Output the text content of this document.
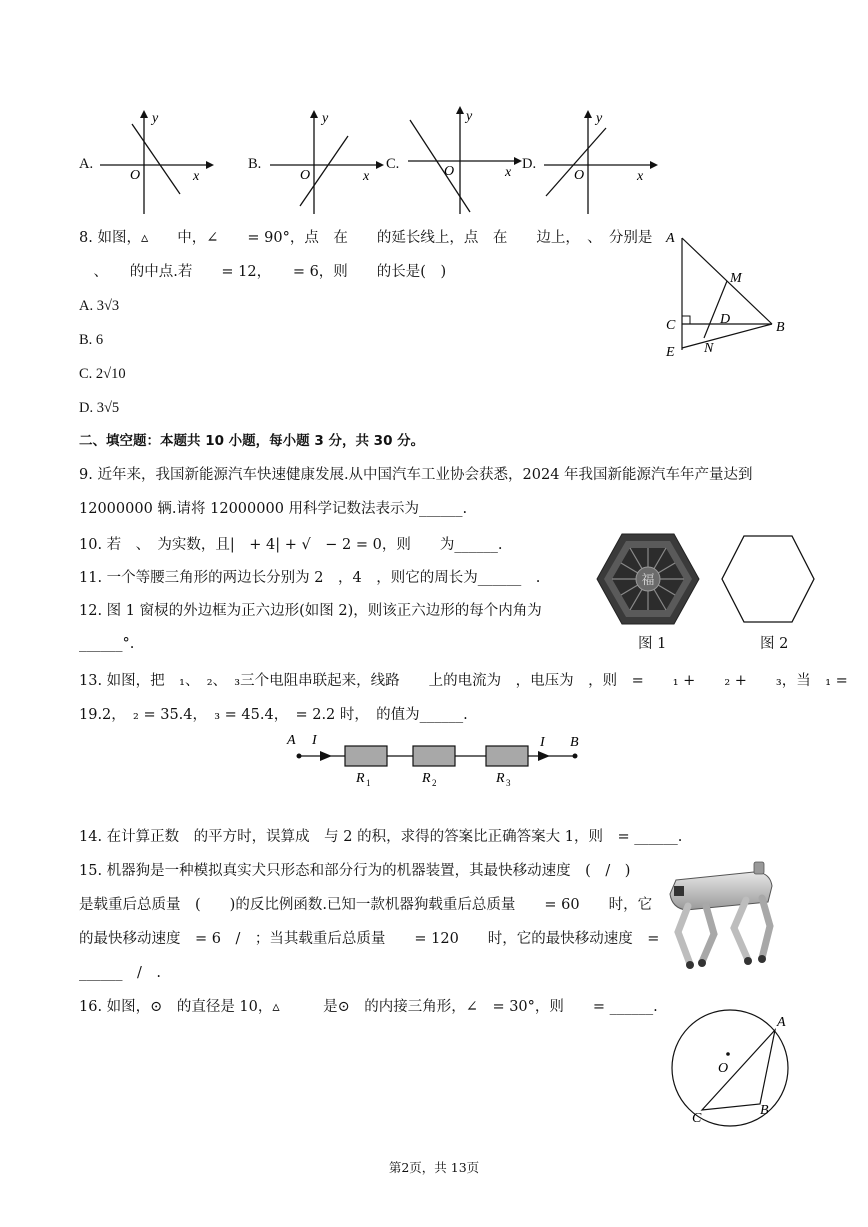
A.
y
x
O
B.
y
x
O
C.
y
x
O	D.
y
x
O
8. 如图，▵　　中，∠　　= 90°，点　在　　的延长线上，点　在　　边上，　、　分别是
　、　　的中点.若　　= 12，　　= 6，则　　的长是(　)
A. 3√3
B. 6
C. 2√10
D. 3√5
A
M
C	D
B
E N
二、填空题：本题共 10 小题，每小题 3 分，共 30 分。
9. 近年来，我国新能源汽车快速健康发展.从中国汽车工业协会获悉，2024 年我国新能源汽车年产量达到
12000000 辆.请将 12000000 用科学记数法表示为______.
10. 若　、　为实数，且|　+ 4| + √　− 2 = 0，则　　为______.
11. 一个等腰三角形的两边长分别为 2　，4　，则它的周长为______　.
12. 图 1 窗棂的外边框为正六边形(如图 2)，则该正六边形的每个内角为
______°.
福
图 1	图 2
13. 如图，把　₁、　₂、　₃三个电阻串联起来，线路　　上的电流为　，电压为　，则　=　　₁ +　　₂ +　　₃，当　₁ =
19.2，　₂ = 35.4，　₃ = 45.4，　= 2.2 时，　的值为______.
A I	I B
R 1	R 2	R 3
14. 在计算正数　的平方时，误算成　与 2 的积，求得的答案比正确答案大 1，则　= ______.
15. 机器狗是一种模拟真实犬只形态和部分行为的机器装置，其最快移动速度　(　/　)
是载重后总质量　(　　)的反比例函数.已知一款机器狗载重后总质量　　= 60　　时，它
的最快移动速度　= 6　/　；当其载重后总质量　　= 120　　时，它的最快移动速度　=
______　/　.
16. 如图，⊙　的直径是 10，▵　　　是⊙　的内接三角形，∠　= 30°，则　　= ______.
A
O
C
B
第2页，共 13页
